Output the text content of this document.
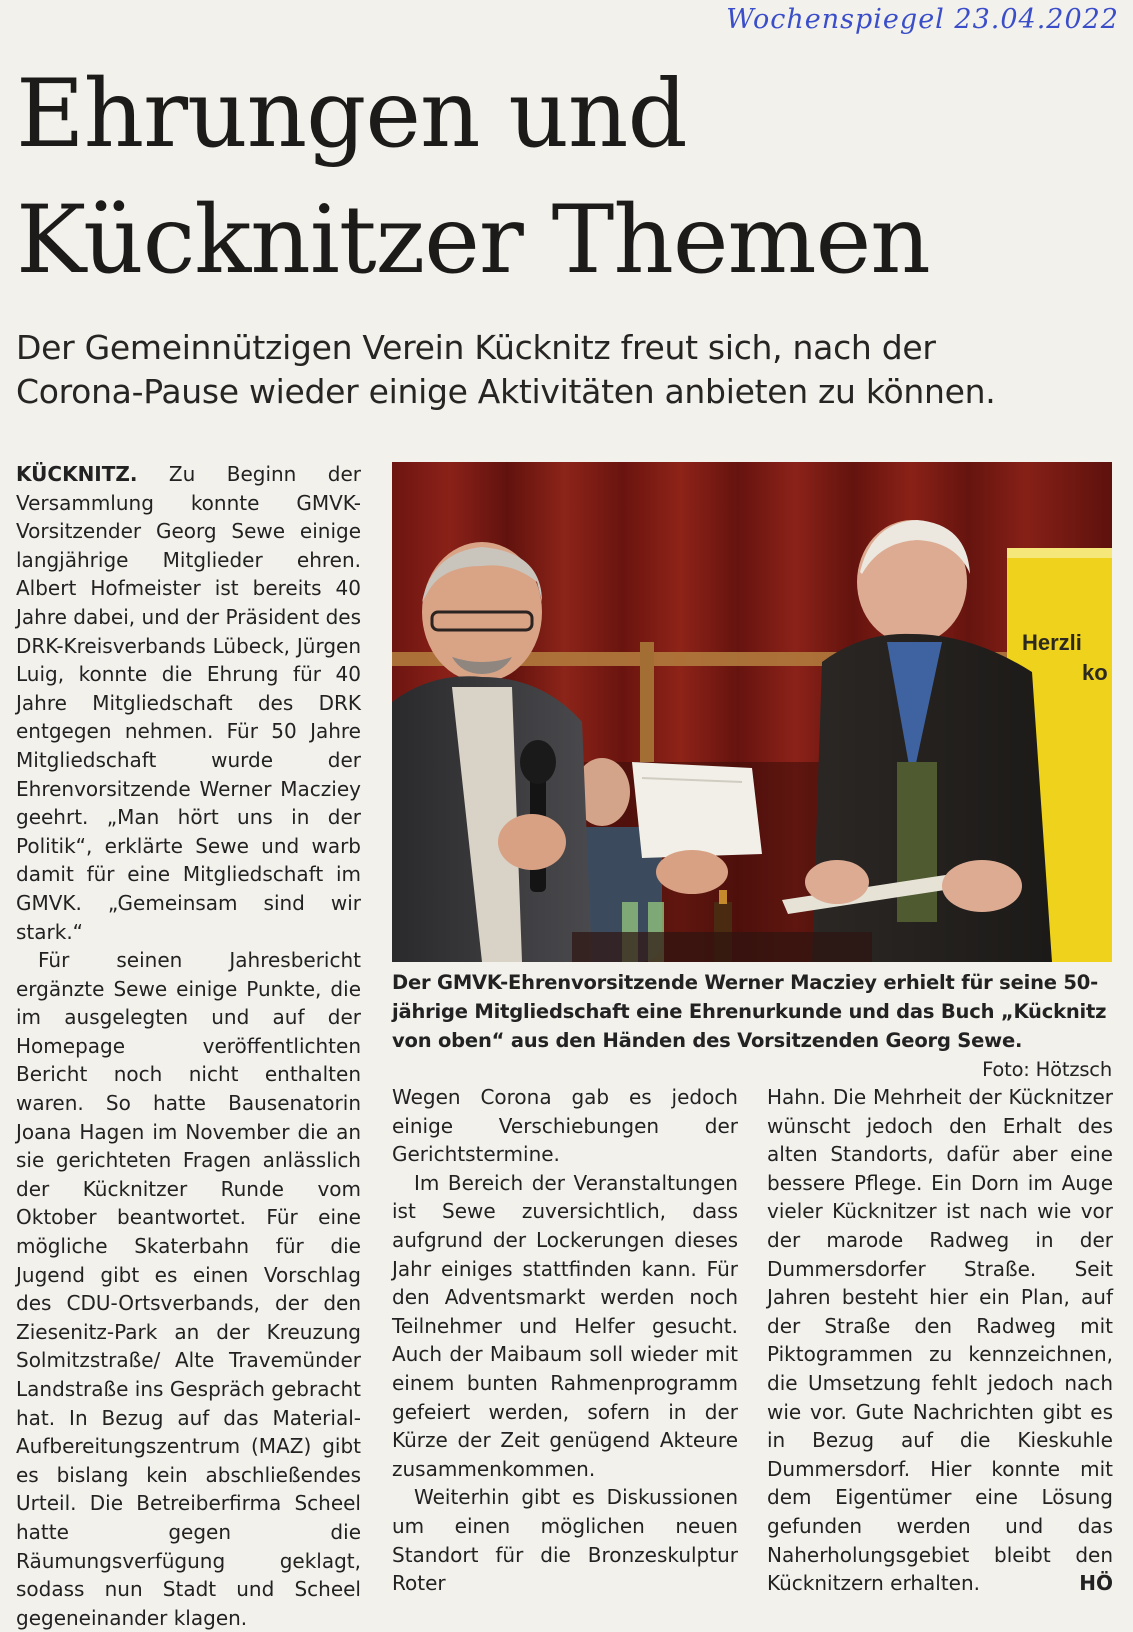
Wochenspiegel 23.04.2022
Ehrungen und
Kücknitzer Themen
Der Gemeinnützigen Verein Kücknitz freut sich, nach der Corona-Pause wieder einige Aktivitäten anbieten zu können.

KÜCKNITZ. Zu Beginn der Versammlung konnte GMVK-Vorsitzender Georg Sewe einige langjährige Mitglieder ehren. Albert Hofmeister ist bereits 40 Jahre dabei, und der Präsident des DRK-Kreisverbands Lübeck, Jürgen Luig, konnte die Ehrung für 40 Jahre Mitgliedschaft des DRK entgegen nehmen. Für 50 Jahre Mitgliedschaft wurde der Ehrenvorsitzende Werner Macziey geehrt. „Man hört uns in der Politik“, erklärte Sewe und warb damit für eine Mitgliedschaft im GMVK. „Gemeinsam sind wir stark.“

Für seinen Jahresbericht ergänzte Sewe einige Punkte, die im ausgelegten und auf der Homepage veröffentlichten Bericht noch nicht enthalten waren. So hatte Bausenatorin Joana Hagen im November die an sie gerichteten Fragen anlässlich der Kücknitzer Runde vom Oktober beantwortet. Für eine mögliche Skaterbahn für die Jugend gibt es einen Vorschlag des CDU-Ortsverbands, der den Ziesenitz-Park an der Kreuzung Solmitzstraße/ Alte Travemünder Landstraße ins Gespräch gebracht hat. In Bezug auf das Material-Aufbereitungszentrum (MAZ) gibt es bislang kein abschließendes Urteil. Die Betreiberfirma Scheel hatte gegen die Räumungsverfügung geklagt, sodass nun Stadt und Scheel gegeneinander klagen.

Herzli
ko
Der GMVK-Ehrenvorsitzende Werner Macziey erhielt für seine 50-jährige Mitgliedschaft eine Ehrenurkunde und das Buch „Kücknitz von oben“ aus den Händen des Vorsitzenden Georg Sewe.
Foto: Hötzsch

Wegen Corona gab es jedoch einige Verschiebungen der Gerichtstermine.

Im Bereich der Veranstaltungen ist Sewe zuversichtlich, dass aufgrund der Lockerungen dieses Jahr einiges stattfinden kann. Für den Adventsmarkt werden noch Teilnehmer und Helfer gesucht. Auch der Maibaum soll wieder mit einem bunten Rahmenprogramm gefeiert werden, sofern in der Kürze der Zeit genügend Akteure zusammenkommen.

Weiterhin gibt es Diskussionen um einen möglichen neuen Standort für die Bronzeskulptur Roter

Hahn. Die Mehrheit der Kücknitzer wünscht jedoch den Erhalt des alten Standorts, dafür aber eine bessere Pflege. Ein Dorn im Auge vieler Kücknitzer ist nach wie vor der marode Radweg in der Dummersdorfer Straße. Seit Jahren besteht hier ein Plan, auf der Straße den Radweg mit Piktogrammen zu kennzeichnen, die Umsetzung fehlt jedoch nach wie vor. Gute Nachrichten gibt es in Bezug auf die Kieskuhle Dummersdorf. Hier konnte mit dem Eigentümer eine Lösung gefunden werden und das Naherholungsgebiet bleibt den Kücknitzern erhalten.	HÖ
